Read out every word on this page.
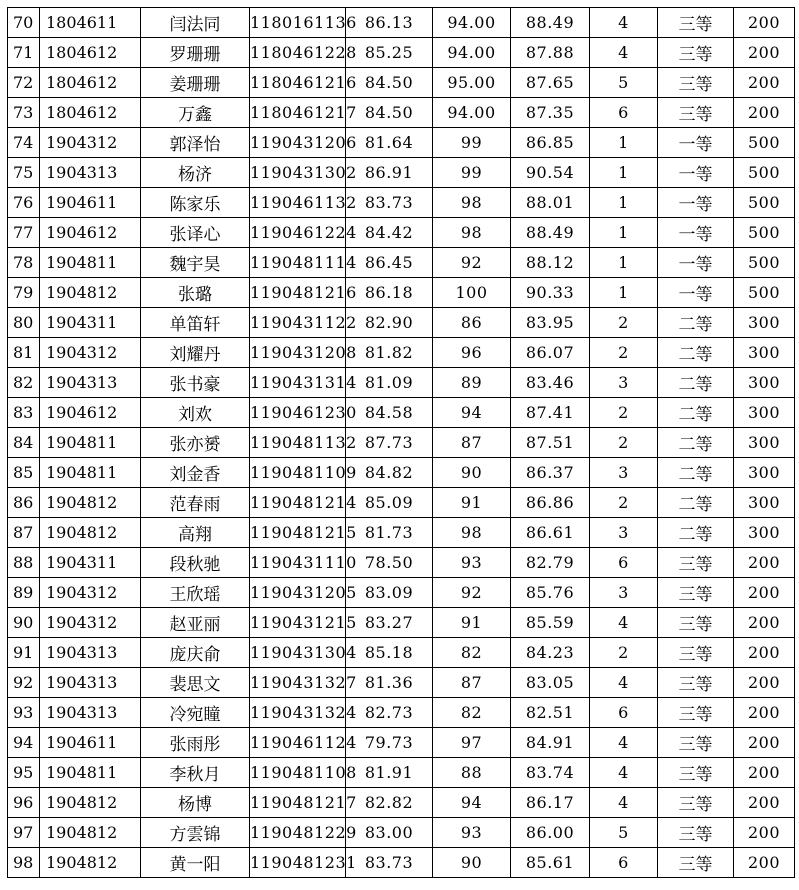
70	1804611	闫法同	1180161136	86.13	94.00	88.49	4	三等	200
71	1804612	罗珊珊	1180461228	85.25	94.00	87.88	4	三等	200
72	1804612	姜珊珊	1180461216	84.50	95.00	87.65	5	三等	200
73	1804612	万鑫	1180461217	84.50	94.00	87.35	6	三等	200
74	1904312	郭泽怡	1190431206	81.64	99	86.85	1	一等	500
75	1904313	杨济	1190431302	86.91	99	90.54	1	一等	500
76	1904611	陈家乐	1190461132	83.73	98	88.01	1	一等	500
77	1904612	张译心	1190461224	84.42	98	88.49	1	一等	500
78	1904811	魏宇昊	1190481114	86.45	92	88.12	1	一等	500
79	1904812	张璐	1190481216	86.18	100	90.33	1	一等	500
80	1904311	单笛轩	1190431122	82.90	86	83.95	2	二等	300
81	1904312	刘耀丹	1190431208	81.82	96	86.07	2	二等	300
82	1904313	张书豪	1190431314	81.09	89	83.46	3	二等	300
83	1904612	刘欢	1190461230	84.58	94	87.41	2	二等	300
84	1904811	张亦赟	1190481132	87.73	87	87.51	2	二等	300
85	1904811	刘金香	1190481109	84.82	90	86.37	3	二等	300
86	1904812	范春雨	1190481214	85.09	91	86.86	2	二等	300
87	1904812	高翔	1190481215	81.73	98	86.61	3	二等	300
88	1904311	段秋驰	1190431110	78.50	93	82.79	6	三等	200
89	1904312	王欣瑶	1190431205	83.09	92	85.76	3	三等	200
90	1904312	赵亚丽	1190431215	83.27	91	85.59	4	三等	200
91	1904313	庞庆俞	1190431304	85.18	82	84.23	2	三等	200
92	1904313	裴思文	1190431327	81.36	87	83.05	4	三等	200
93	1904313	冷宛瞳	1190431324	82.73	82	82.51	6	三等	200
94	1904611	张雨彤	1190461124	79.73	97	84.91	4	三等	200
95	1904811	李秋月	1190481108	81.91	88	83.74	4	三等	200
96	1904812	杨博	1190481217	82.82	94	86.17	4	三等	200
97	1904812	方雲锦	1190481229	83.00	93	86.00	5	三等	200
98	1904812	黄一阳	1190481231	83.73	90	85.61	6	三等	200
